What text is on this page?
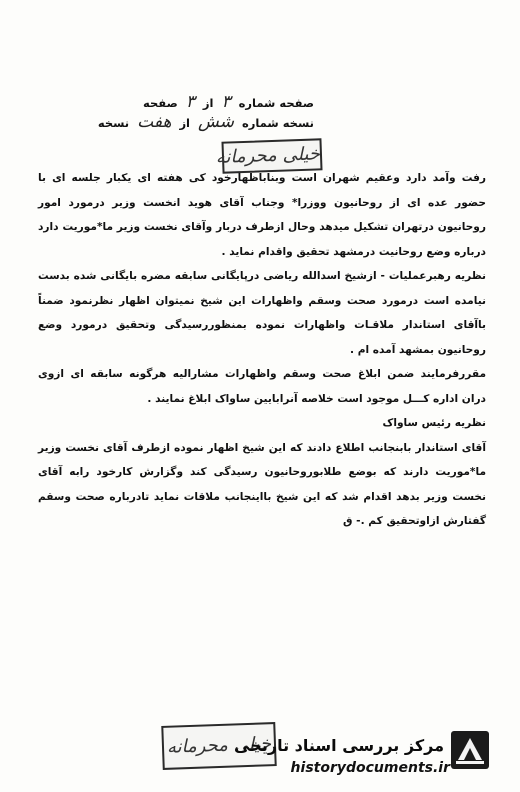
صفحه شماره ۳ از ۳ صفحه
نسخه شماره شش از هفت نسخه
خیلی محرمانه

رفت وآمد دارد وعقیم شهران است وبناباظهارخود کی هفته ای یکبار جلسه ای با حضور عده ای از روحانیون ووزرا* وجناب آقای هوید انخست وزیر درمورد امور روحانیون درتهران تشکیل میدهد وحال ازطرف دربار وآقای نخست وزیر ما*موریت دارد درباره وضع روحانیت درمشهد تحقیق واقدام نماید .

نظریه رهبرعملیات - ازشیخ اسدالله ریاضی درپایگانی سابقه مضره بایگانی شده بدست نیامده است درمورد صحت وسقم واظهارات این شیخ نمیتوان اظهار نظرنمود ضمناً باآقای استاندار ملاقـات واظهارات نموده بمنظوررسیدگی وتحقیق درمورد وضع روحانیون بمشهد آمده ام .

مقررفرمایند ضمن ابلاغ صحت وسقم واظهارات مشارالیه هرگونه سابقه ای ازوی دران اداره کـــل موجود است خلاصه آنرابایین ساواک ابلاغ نمایند .

نظریه رئیس ساواک

آقای استاندار بابنجانب اطلاع دادند که این شیخ اظهار نموده ازطرف آقای نخست وزیر ما*موریت دارند که بوضع طلابوروحانیون رسیدگی کند وگزارش کارخود رابه آقای نخست وزیر بدهد اقدام شد که این شیخ بااینجانب ملاقات نماید تادرباره صحت وسقم گفتارش ازاوتحقیق کم .- ق

خیلی محرمانه
مرکز بررسی اسناد تاریخی
historydocuments.ir
